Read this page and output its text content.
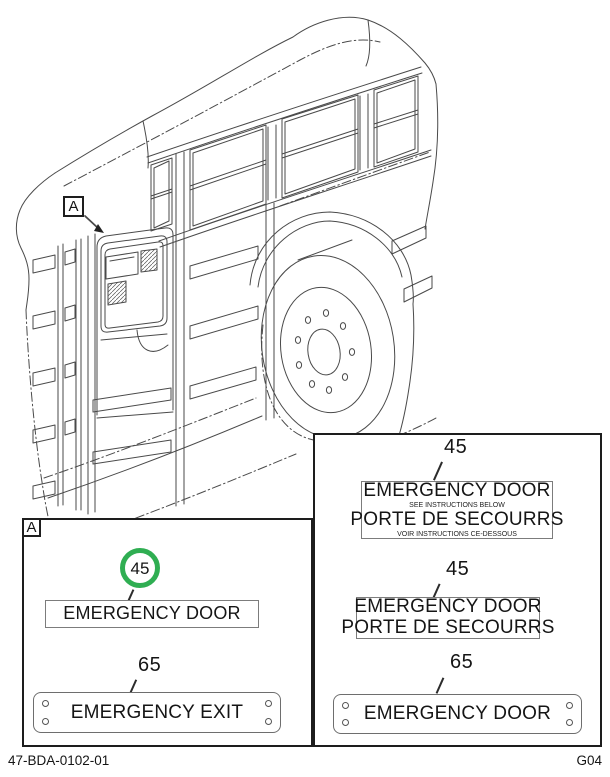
A
45
EMERGENCY DOOR
SEE INSTRUCTIONS BELOW
PORTE DE SECOURRS
VOIR INSTRUCTIONS CE-DESSOUS
45
EMERGENCY DOOR
PORTE DE SECOURRS
65
EMERGENCY DOOR
A
45
EMERGENCY DOOR
65
EMERGENCY EXIT
47-BDA-0102-01	G04
